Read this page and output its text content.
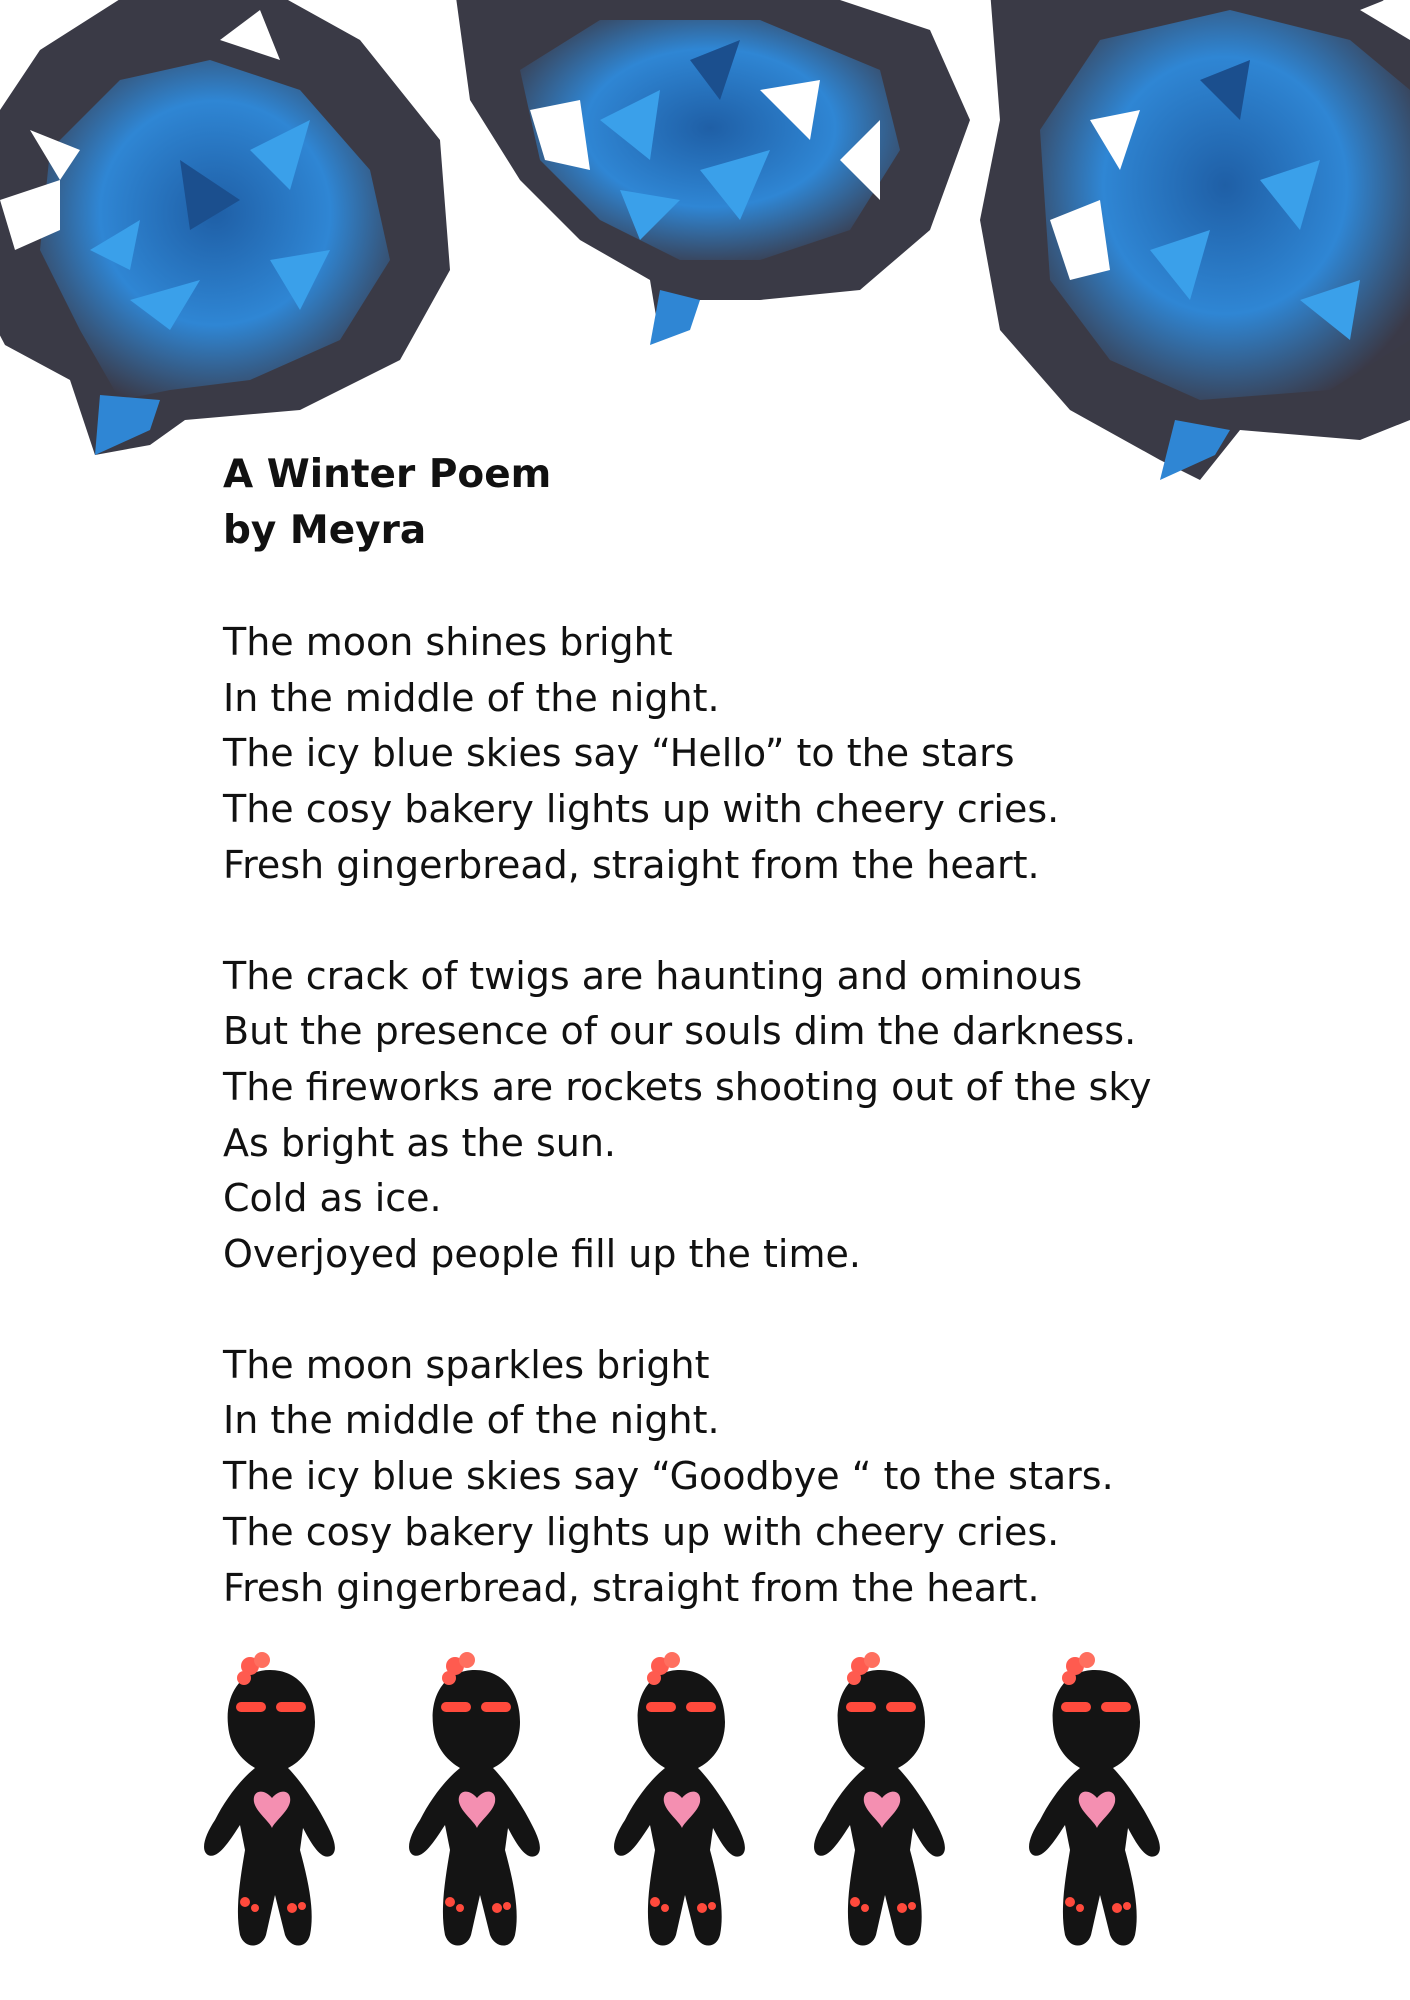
A Winter Poem

by Meyra

The moon shines bright
In the middle of the night.
The icy blue skies say “Hello” to the stars
The cosy bakery lights up with cheery cries.
Fresh gingerbread, straight from the heart.
The crack of twigs are haunting and ominous
But the presence of our souls dim the darkness.
The fireworks are rockets shooting out of the sky
As bright as the sun.
Cold as ice.
Overjoyed people fill up the time.
The moon sparkles bright
In the middle of the night.
The icy blue skies say “Goodbye “ to the stars.
The cosy bakery lights up with cheery cries.
Fresh gingerbread, straight from the heart.
